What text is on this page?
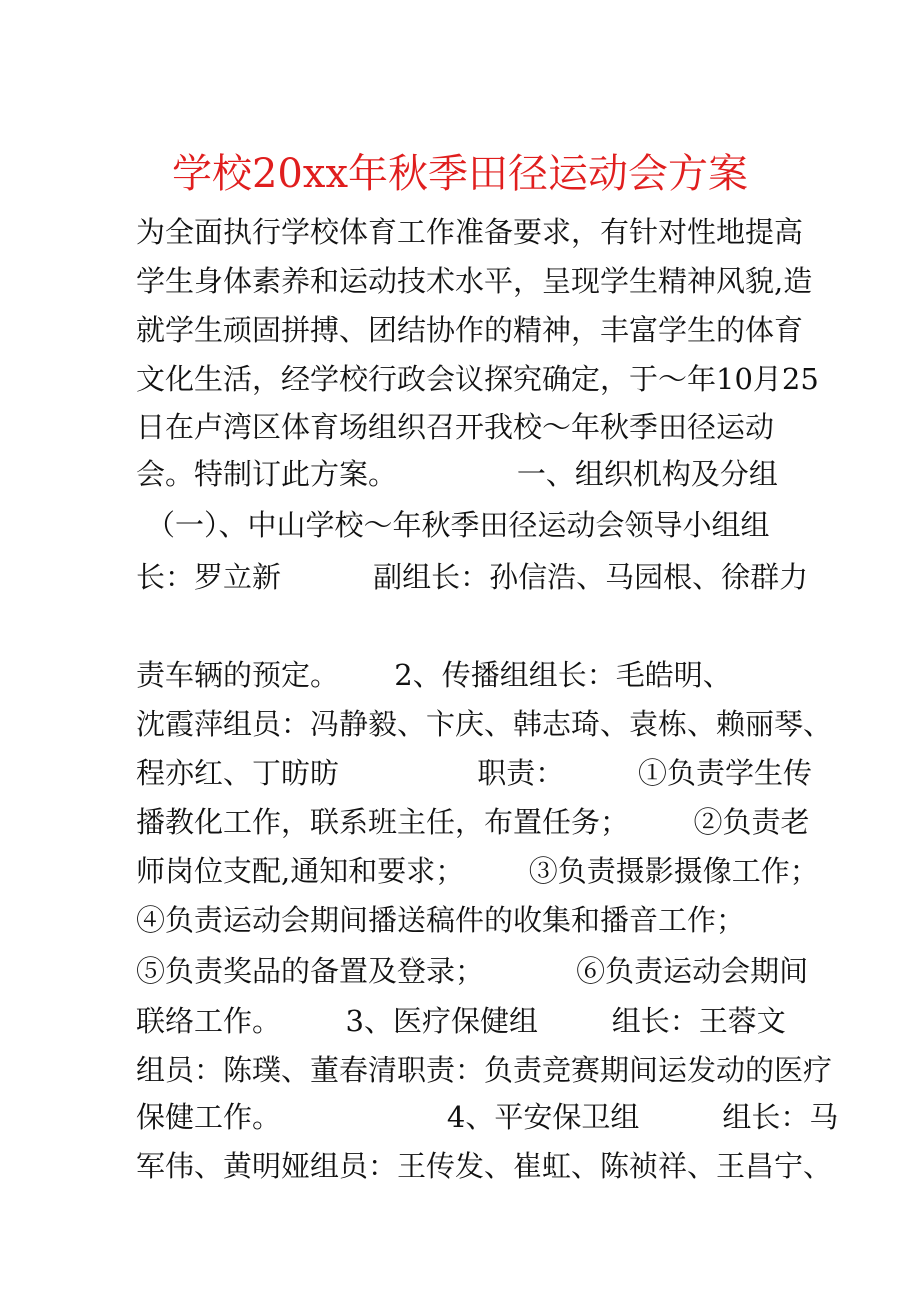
学校20xx年秋季田径运动会方案
为全面执行学校体育工作准备要求，有针对性地提高
学生身体素养和运动技术水平，呈现学生精神风貌,造
就学生顽固拼搏、团结协作的精神，丰富学生的体育
文化生活，经学校行政会议探究确定，于～年10月25
日在卢湾区体育场组织召开我校～年秋季田径运动
会。特制订此方案。             一、组织机构及分组
（一）、中山学校～年秋季田径运动会领导小组组
长：罗立新          副组长：孙信浩、马园根、徐群力
责车辆的预定。      2、传播组组长：毛皓明、
沈霞萍组员：冯静毅、卞庆、韩志琦、袁栋、赖丽琴、
程亦红、丁昉昉               职责：        ①负责学生传
播教化工作，联系班主任，布置任务；       ②负责老
师岗位支配,通知和要求；       ③负责摄影摄像工作；
④负责运动会期间播送稿件的收集和播音工作；
⑤负责奖品的备置及登录；          ⑥负责运动会期间
联络工作。       3、医疗保健组        组长：王蓉文
组员：陈璞、董春清职责：负责竞赛期间运发动的医疗
保健工作。                  4、平安保卫组         组长：马
军伟、黄明娅组员：王传发、崔虹、陈祯祥、王昌宁、
